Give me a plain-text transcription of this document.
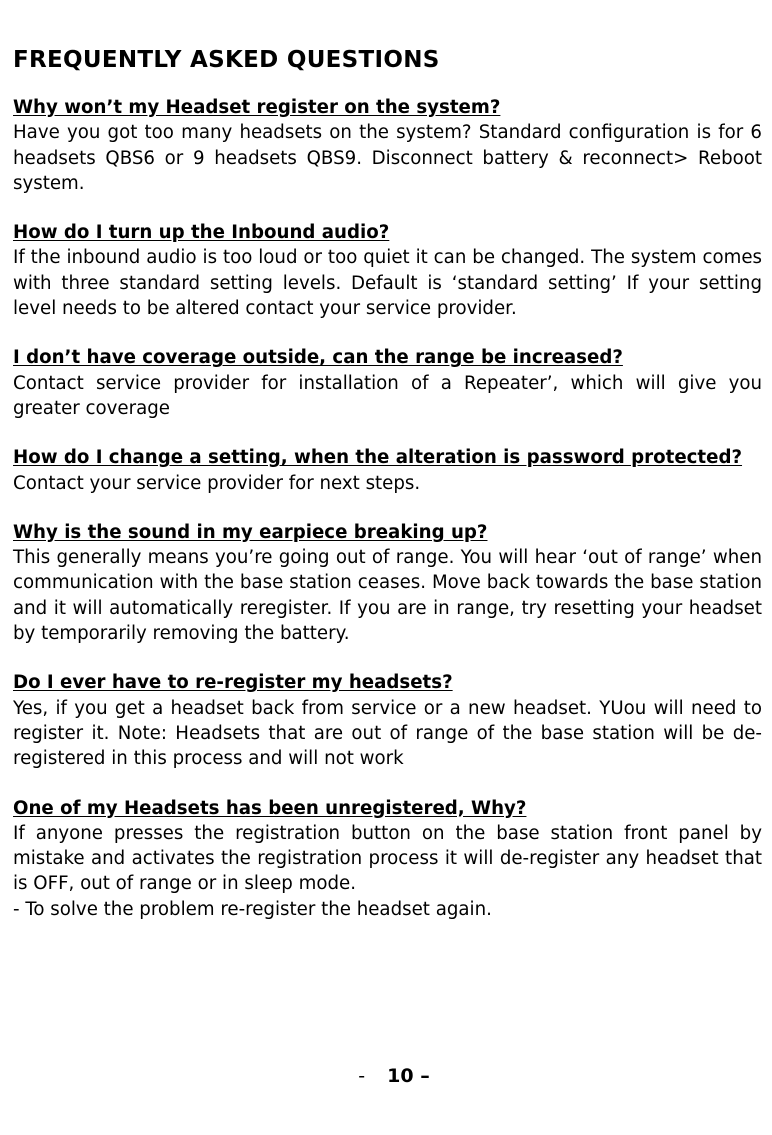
FREQUENTLY ASKED QUESTIONS

Why won’t my Headset register on the system?

Have you got too many headsets on the system? Standard configuration is for 6 headsets QBS6 or 9 headsets QBS9. Disconnect battery & reconnect> Reboot system.

How do I turn up the Inbound audio?

If the inbound audio is too loud or too quiet it can be changed. The system comes with three standard setting levels. Default is ‘standard setting’ If your setting level needs to be altered contact your service provider.

I don’t have coverage outside, can the range be increased?

Contact service provider for installation of a Repeater’, which will give you greater coverage

How do I change a setting, when the alteration is password protected?

Contact your service provider for next steps.

Why is the sound in my earpiece breaking up?

This generally means you’re going out of range. You will hear ‘out of range’ when communication with the base station ceases. Move back towards the base station and it will automatically reregister. If you are in range, try resetting your headset by temporarily removing the battery.

Do I ever have to re-register my headsets?

Yes, if you get a headset back from service or a new headset. YUou will need to register it. Note: Headsets that are out of range of the base station will be de-registered in this process and will not work

One of my Headsets has been unregistered, Why?

If anyone presses the registration button on the base station front panel by mistake and activates the registration process it will de-register any headset that is OFF, out of range or in sleep mode.

- To solve the problem re-register the headset again.

- 10 –
